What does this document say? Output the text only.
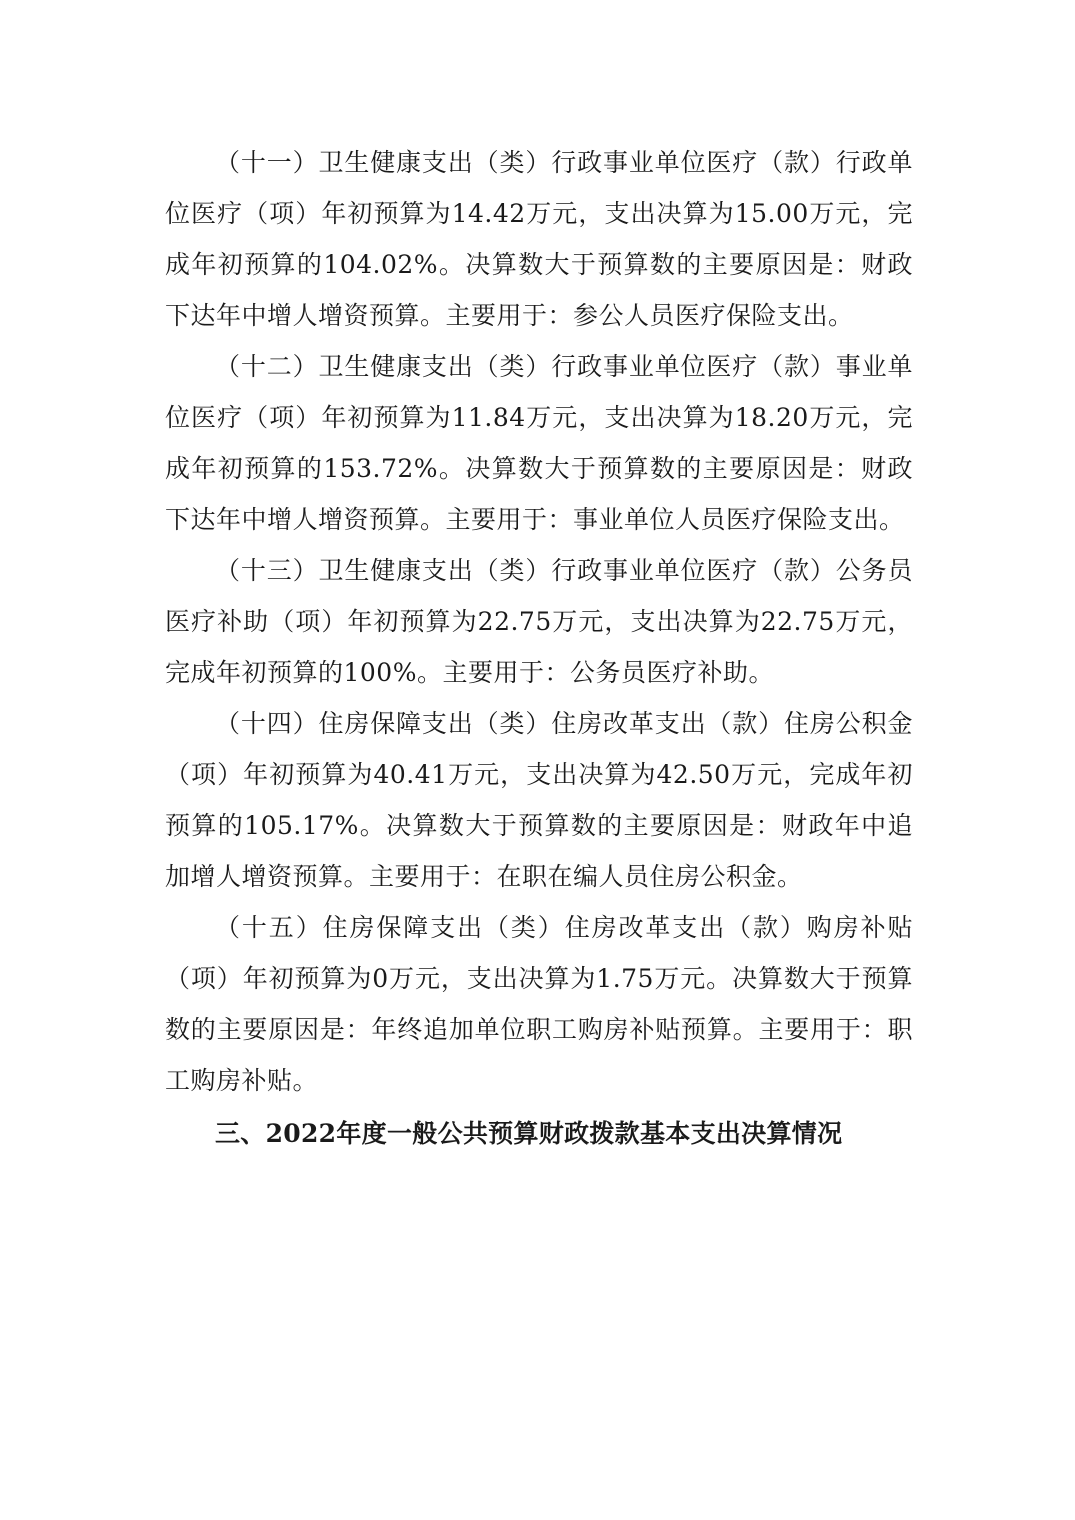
（十一）卫生健康支出（类）行政事业单位医疗（款）行政单位医疗（项）年初预算为14.42万元，支出决算为15.00万元，完成年初预算的104.02%。决算数大于预算数的主要原因是：财政下达年中增人增资预算。主要用于：参公人员医疗保险支出。

（十二）卫生健康支出（类）行政事业单位医疗（款）事业单位医疗（项）年初预算为11.84万元，支出决算为18.20万元，完成年初预算的153.72%。决算数大于预算数的主要原因是：财政下达年中增人增资预算。主要用于：事业单位人员医疗保险支出。

（十三）卫生健康支出（类）行政事业单位医疗（款）公务员医疗补助（项）年初预算为22.75万元，支出决算为22.75万元，完成年初预算的100%。主要用于：公务员医疗补助。

（十四）住房保障支出（类）住房改革支出（款）住房公积金（项）年初预算为40.41万元，支出决算为42.50万元，完成年初预算的105.17%。决算数大于预算数的主要原因是：财政年中追加增人增资预算。主要用于：在职在编人员住房公积金。

（十五）住房保障支出（类）住房改革支出（款）购房补贴（项）年初预算为0万元，支出决算为1.75万元。决算数大于预算数的主要原因是：年终追加单位职工购房补贴预算。主要用于：职工购房补贴。

三、2022年度一般公共预算财政拨款基本支出决算情况
